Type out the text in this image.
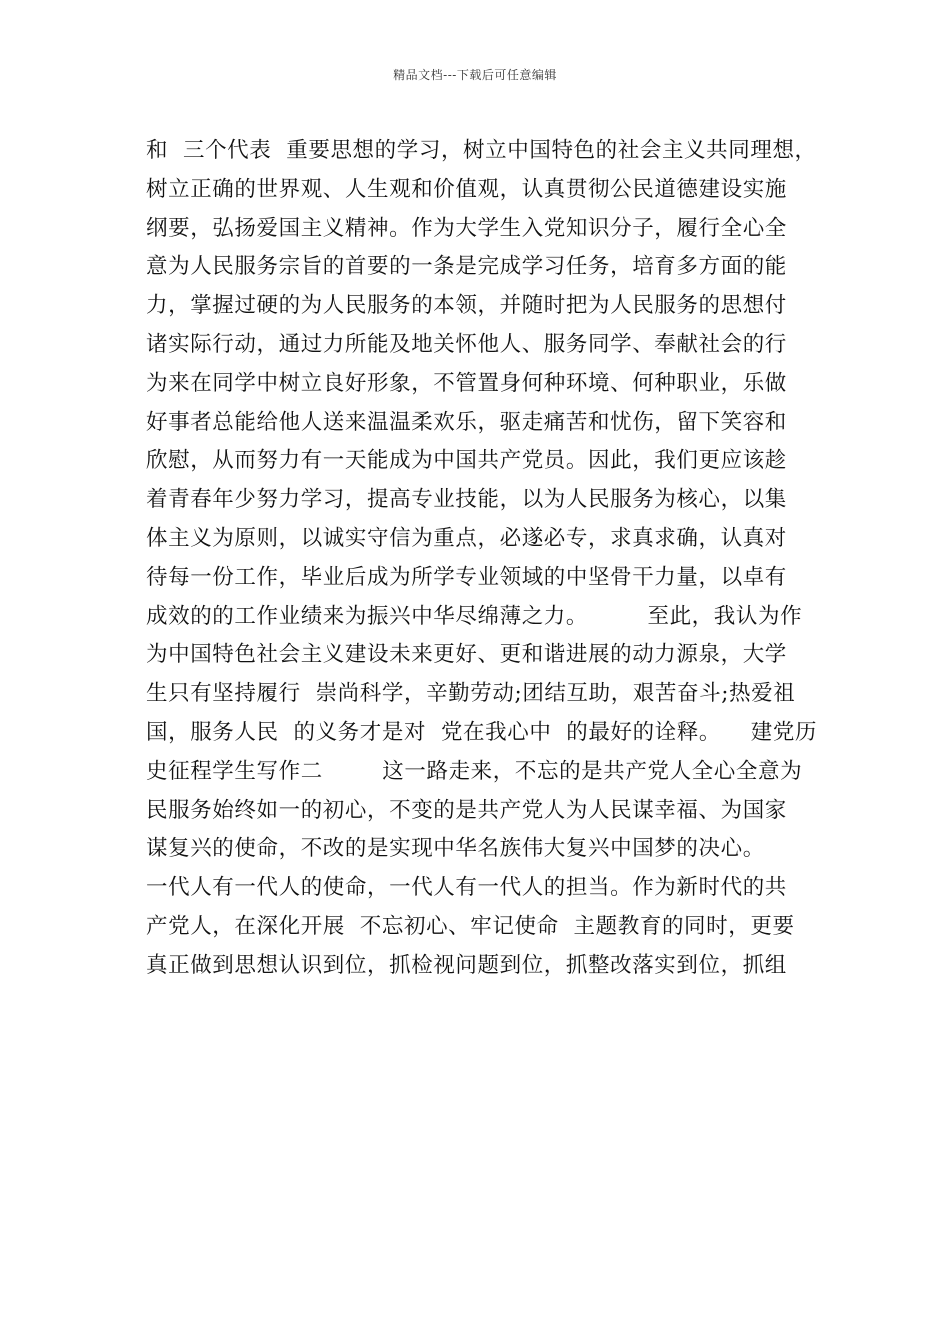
精品文档---下载后可任意编辑
和  三个代表  重要思想的学习，树立中国特色的社会主义共同理想，
树立正确的世界观、人生观和价值观，认真贯彻公民道德建设实施
纲要，弘扬爱国主义精神。作为大学生入党知识分子，履行全心全
意为人民服务宗旨的首要的一条是完成学习任务，培育多方面的能
力，掌握过硬的为人民服务的本领，并随时把为人民服务的思想付
诸实际行动，通过力所能及地关怀他人、服务同学、奉献社会的行
为来在同学中树立良好形象，不管置身何种环境、何种职业，乐做
好事者总能给他人送来温温柔欢乐，驱走痛苦和忧伤，留下笑容和
欣慰，从而努力有一天能成为中国共产党员。因此，我们更应该趁
着青春年少努力学习，提高专业技能，以为人民服务为核心，以集
体主义为原则，以诚实守信为重点，必遂必专，求真求确，认真对
待每一份工作，毕业后成为所学专业领域的中坚骨干力量，以卓有
成效的的工作业绩来为振兴中华尽绵薄之力。        至此，我认为作
为中国特色社会主义建设未来更好、更和谐进展的动力源泉，大学
生只有坚持履行  崇尚科学，辛勤劳动;团结互助，艰苦奋斗;热爱祖
国，服务人民  的义务才是对  党在我心中  的最好的诠释。    建党历
史征程学生写作二        这一路走来，不忘的是共产党人全心全意为
民服务始终如一的初心，不变的是共产党人为人民谋幸福、为国家
谋复兴的使命，不改的是实现中华名族伟大复兴中国梦的决心。
一代人有一代人的使命，一代人有一代人的担当。作为新时代的共
产党人，在深化开展  不忘初心、牢记使命  主题教育的同时，更要
真正做到思想认识到位，抓检视问题到位，抓整改落实到位，抓组
